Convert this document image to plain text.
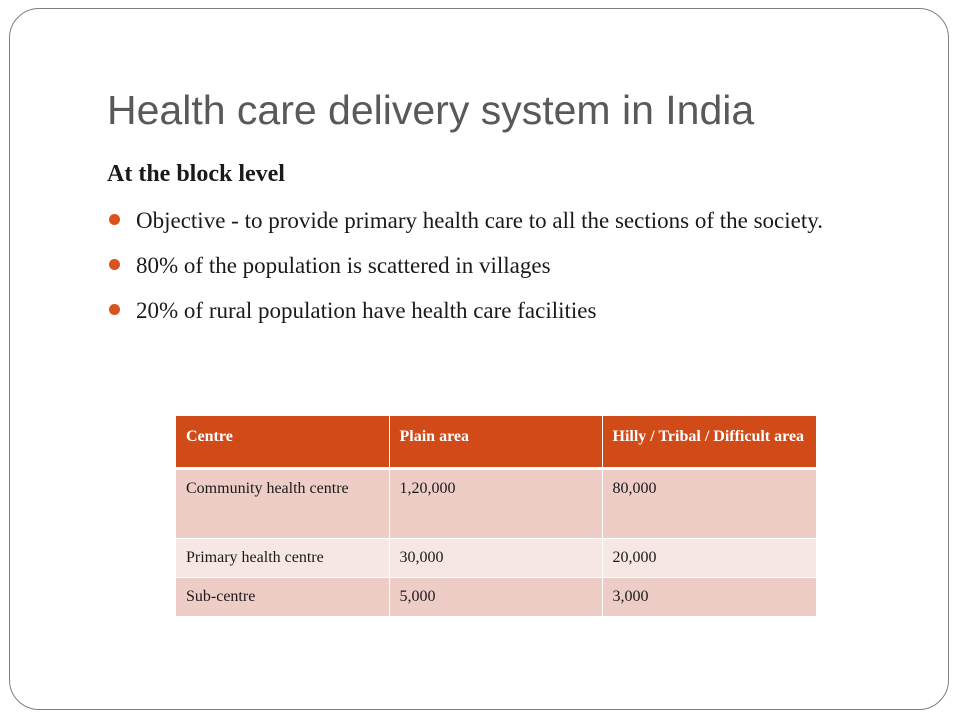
Health care delivery system in India
At the block level
Objective - to provide primary health care to all the sections of the society.
80% of the population is scattered in villages
20% of rural population have health care facilities
Centre	Plain area	Hilly / Tribal / Difficult area
Community health centre	1,20,000	80,000
Primary health centre	30,000	20,000
Sub-centre	5,000	3,000
